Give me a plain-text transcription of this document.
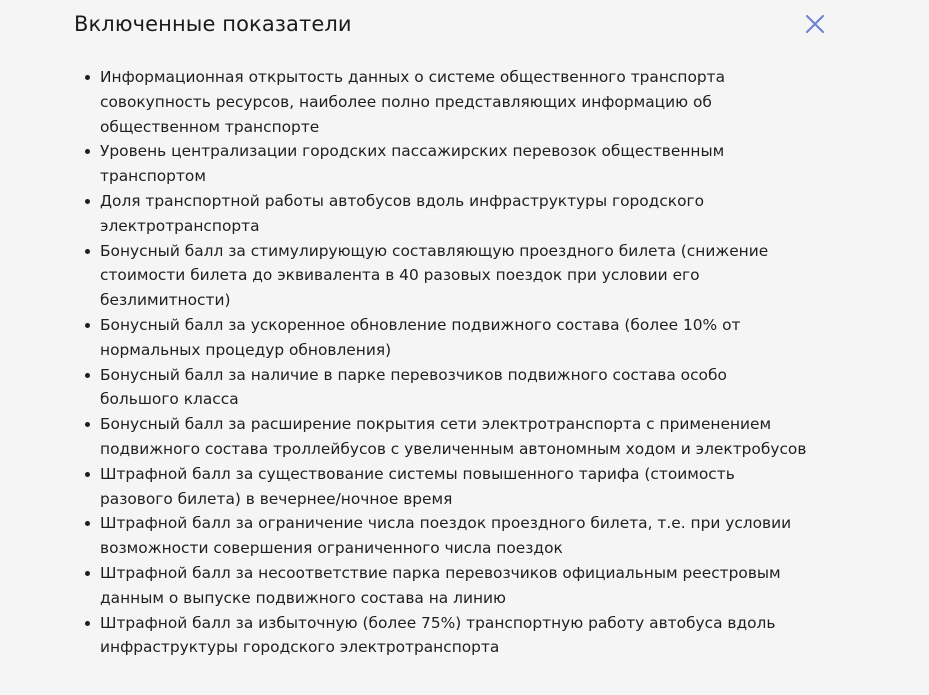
Включенные показатели
Информационная открытость данных о системе общественного транспорта
совокупность ресурсов, наиболее полно представляющих информацию об
общественном транспорте
Уровень централизации городских пассажирских перевозок общественным
транспортом
Доля транспортной работы автобусов вдоль инфраструктуры городского
электротранспорта
Бонусный балл за стимулирующую составляющую проездного билета (снижение
стоимости билета до эквивалента в 40 разовых поездок при условии его
безлимитности)
Бонусный балл за ускоренное обновление подвижного состава (более 10% от
нормальных процедур обновления)
Бонусный балл за наличие в парке перевозчиков подвижного состава особо
большого класса
Бонусный балл за расширение покрытия сети электротранспорта с применением
подвижного состава троллейбусов с увеличенным автономным ходом и электробусов
Штрафной балл за существование системы повышенного тарифа (стоимость
разового билета) в вечернее/ночное время
Штрафной балл за ограничение числа поездок проездного билета, т.е. при условии
возможности совершения ограниченного числа поездок
Штрафной балл за несоответствие парка перевозчиков официальным реестровым
данным о выпуске подвижного состава на линию
Штрафной балл за избыточную (более 75%) транспортную работу автобуса вдоль
инфраструктуры городского электротранспорта
